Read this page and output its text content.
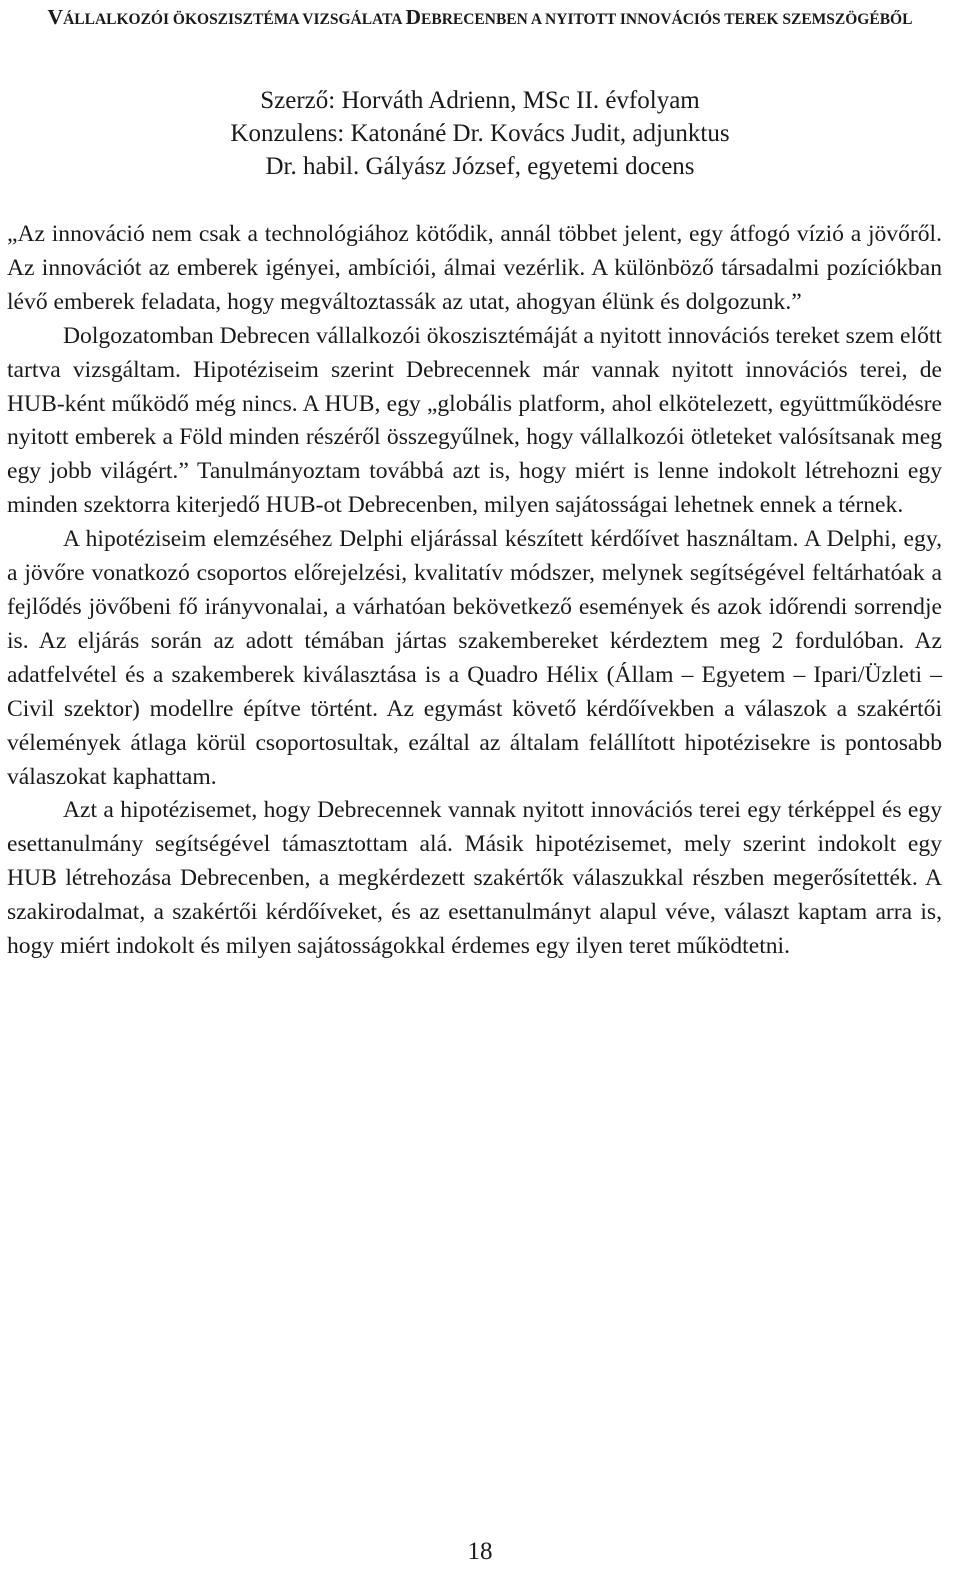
VÁLLALKOZÓI ÖKOSZISZTÉMA VIZSGÁLATA DEBRECENBEN A NYITOTT INNOVÁCIÓS TEREK SZEMSZÖGÉBŐL
Szerző: Horváth Adrienn, MSc II. évfolyam
Konzulens: Katonáné Dr. Kovács Judit, adjunktus
Dr. habil. Gályász József, egyetemi docens

„Az innováció nem csak a technológiához kötődik, annál többet jelent, egy átfogó vízió a jövőről. Az innovációt az emberek igényei, ambíciói, álmai vezérlik. A különböző társadalmi pozíciókban lévő emberek feladata, hogy megváltoztassák az utat, ahogyan élünk és dolgozunk.”

Dolgozatomban Debrecen vállalkozói ökoszisztémáját a nyitott innovációs tereket szem előtt tartva vizsgáltam. Hipotéziseim szerint Debrecennek már vannak nyitott innovációs terei, de HUB-ként működő még nincs. A HUB, egy „globális platform, ahol elkötelezett, együttműködésre nyitott emberek a Föld minden részéről összegyűlnek, hogy vállalkozói ötleteket valósítsanak meg egy jobb világért.” Tanulmányoztam továbbá azt is, hogy miért is lenne indokolt létrehozni egy minden szektorra kiterjedő HUB-ot Debrecenben, milyen sajátosságai lehetnek ennek a térnek.

A hipotéziseim elemzéséhez Delphi eljárással készített kérdőívet használtam. A Delphi, egy, a jövőre vonatkozó csoportos előrejelzési, kvalitatív módszer, melynek segítségével feltárhatóak a fejlődés jövőbeni fő irányvonalai, a várhatóan bekövetkező események és azok időrendi sorrendje is. Az eljárás során az adott témában jártas szakembereket kérdeztem meg 2 fordulóban. Az adatfelvétel és a szakemberek kiválasztása is a Quadro Hélix (Állam – Egyetem – Ipari/Üzleti – Civil szektor) modellre építve történt. Az egymást követő kérdőívekben a válaszok a szakértői vélemények átlaga körül csoportosultak, ezáltal az általam felállított hipotézisekre is pontosabb válaszokat kaphattam.

Azt a hipotézisemet, hogy Debrecennek vannak nyitott innovációs terei egy térképpel és egy esettanulmány segítségével támasztottam alá. Másik hipotézisemet, mely szerint indokolt egy HUB létrehozása Debrecenben, a megkérdezett szakértők válaszukkal részben megerősítették. A szakirodalmat, a szakértői kérdőíveket, és az esettanulmányt alapul véve, választ kaptam arra is, hogy miért indokolt és milyen sajátosságokkal érdemes egy ilyen teret működtetni.

18
